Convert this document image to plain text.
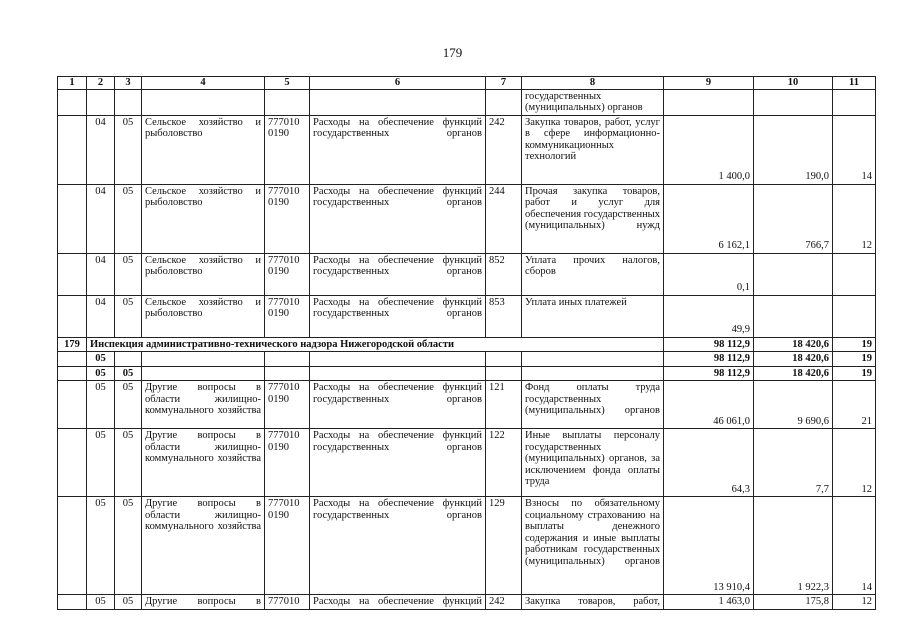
179
1	2	3	4	5	6	7	8	9	10	11

							государственных
(муниципальных) органов			

	04	05	Сельское хозяйство и рыболовство	777010 0190	Расходы на обеспечение функций государственных органов	242	Закупка товаров, работ, услуг в сфере информационно-коммуникационных технологий	1 400,0	190,0	14
	04	05	Сельское хозяйство и рыболовство	777010 0190	Расходы на обеспечение функций государственных органов	244	Прочая закупка товаров, работ и услуг для обеспечения государственных (муниципальных) нужд	6 162,1	766,7	12
	04	05	Сельское хозяйство и рыболовство	777010 0190	Расходы на обеспечение функций государственных органов	852	Уплата прочих налогов, сборов	0,1		
	04	05	Сельское хозяйство и рыболовство	777010 0190	Расходы на обеспечение функций государственных органов	853	Уплата иных платежей	49,9		
179	Инспекция административно-технического надзора Нижегородской области							98 112,9	18 420,6	19
	05							98 112,9	18 420,6	19
	05	05						98 112,9	18 420,6	19
	05	05	Другие вопросы в области жилищно-коммунального хозяйства	777010 0190	Расходы на обеспечение функций государственных органов	121	Фонд оплаты труда государственных (муниципальных) органов	46 061,0	9 690,6	21
	05	05	Другие вопросы в области жилищно-коммунального хозяйства	777010 0190	Расходы на обеспечение функций государственных органов	122	Иные выплаты персоналу государственных (муниципальных) органов, за исключением фонда оплаты труда	64,3	7,7	12
	05	05	Другие вопросы в области жилищно-коммунального хозяйства	777010 0190	Расходы на обеспечение функций государственных органов	129	Взносы по обязательному социальному страхованию на выплаты денежного содержания и иные выплаты работникам государственных (муниципальных) органов	13 910,4	1 922,3	14
	05	05	Другие вопросы в	777010	Расходы на обеспечение функций	242	Закупка товаров, работ,	1 463,0	175,8	12
